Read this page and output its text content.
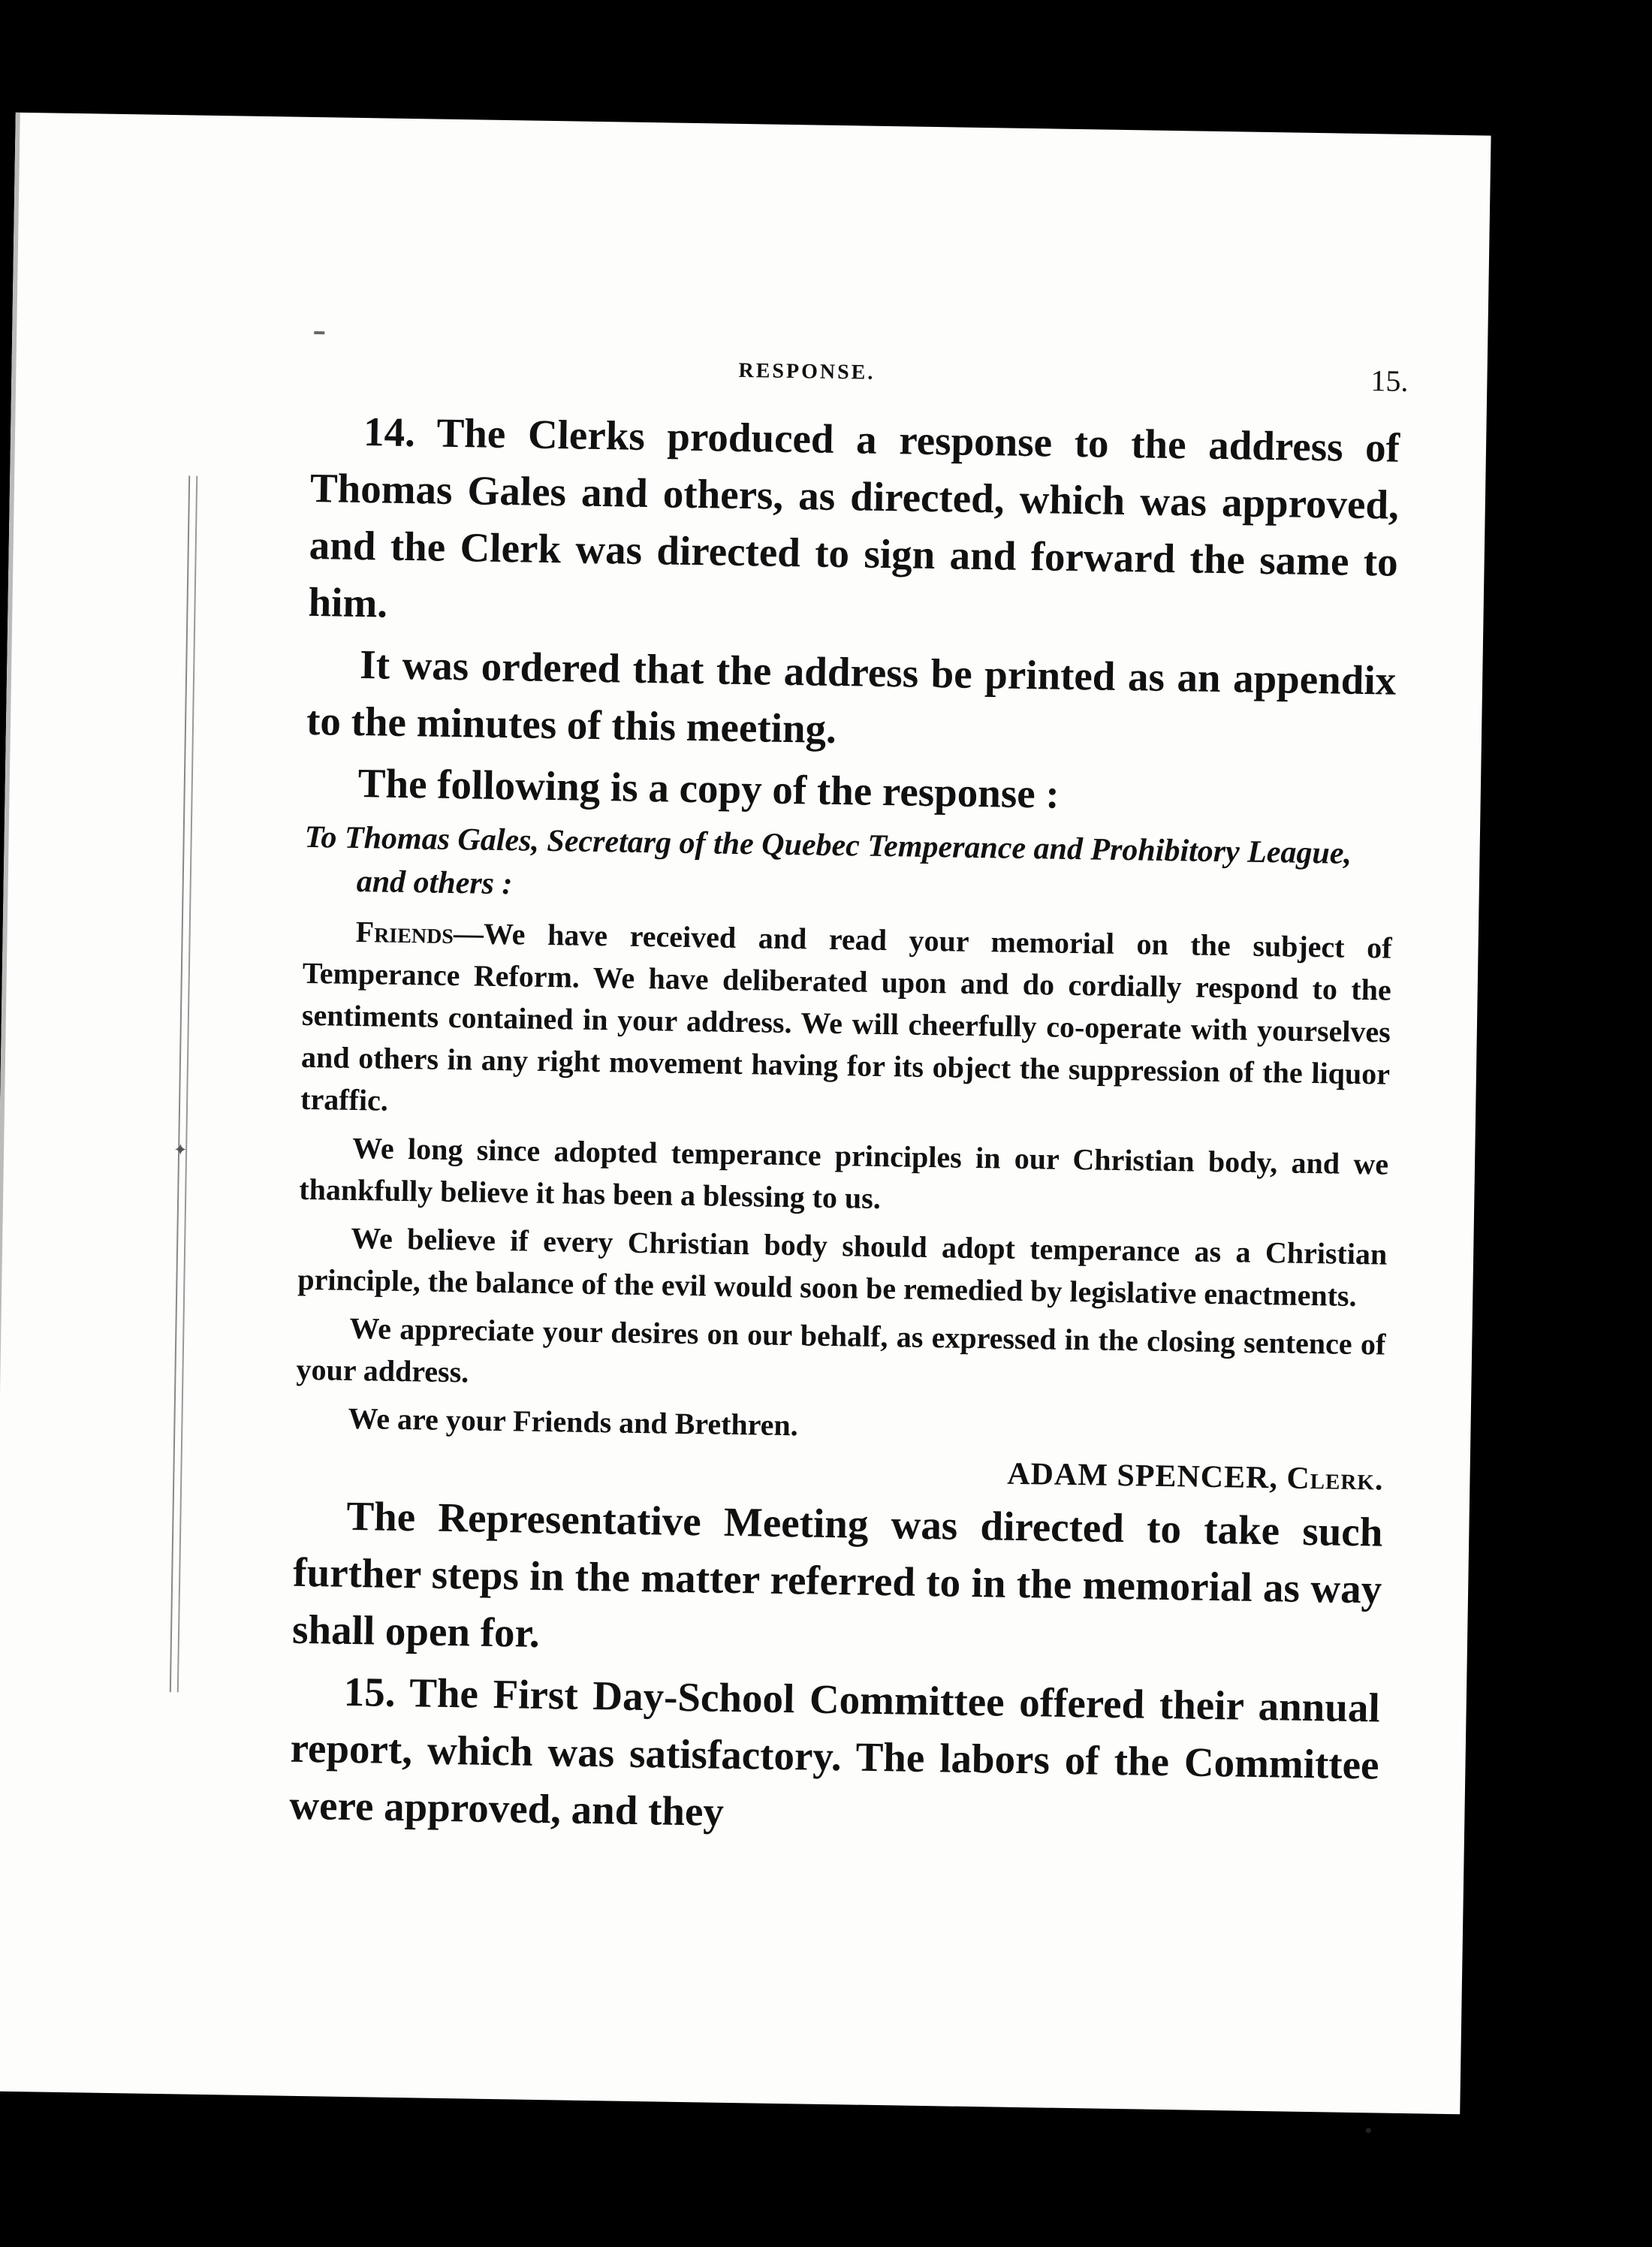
✦
RESPONSE.	15.

14. The Clerks produced a response to the address of Thomas Gales and others, as directed, which was approved, and the Clerk was directed to sign and forward the same to him.

It was ordered that the address be printed as an appendix to the minutes of this meeting.

The following is a copy of the response :

To Thomas Gales, Secretarg of the Quebec Temperance and Prohibitory League, and others :

Friends—We have received and read your memorial on the subject of Temperance Reform. We have deliberated upon and do cordially respond to the sentiments contained in your address. We will cheerfully co-operate with yourselves and others in any right movement having for its object the suppression of the liquor traffic.

We long since adopted temperance principles in our Christian body, and we thankfully believe it has been a blessing to us.

We believe if every Christian body should adopt temperance as a Christian principle, the balance of the evil would soon be remedied by legislative enactments.

We appreciate your desires on our behalf, as expressed in the closing sentence of your address.

We are your Friends and Brethren.

ADAM SPENCER, Clerk.

The Representative Meeting was directed to take such further steps in the matter referred to in the memorial as way shall open for.

15. The First Day-School Committee offered their annual report, which was satisfactory. The labors of the Committee were approved, and they
